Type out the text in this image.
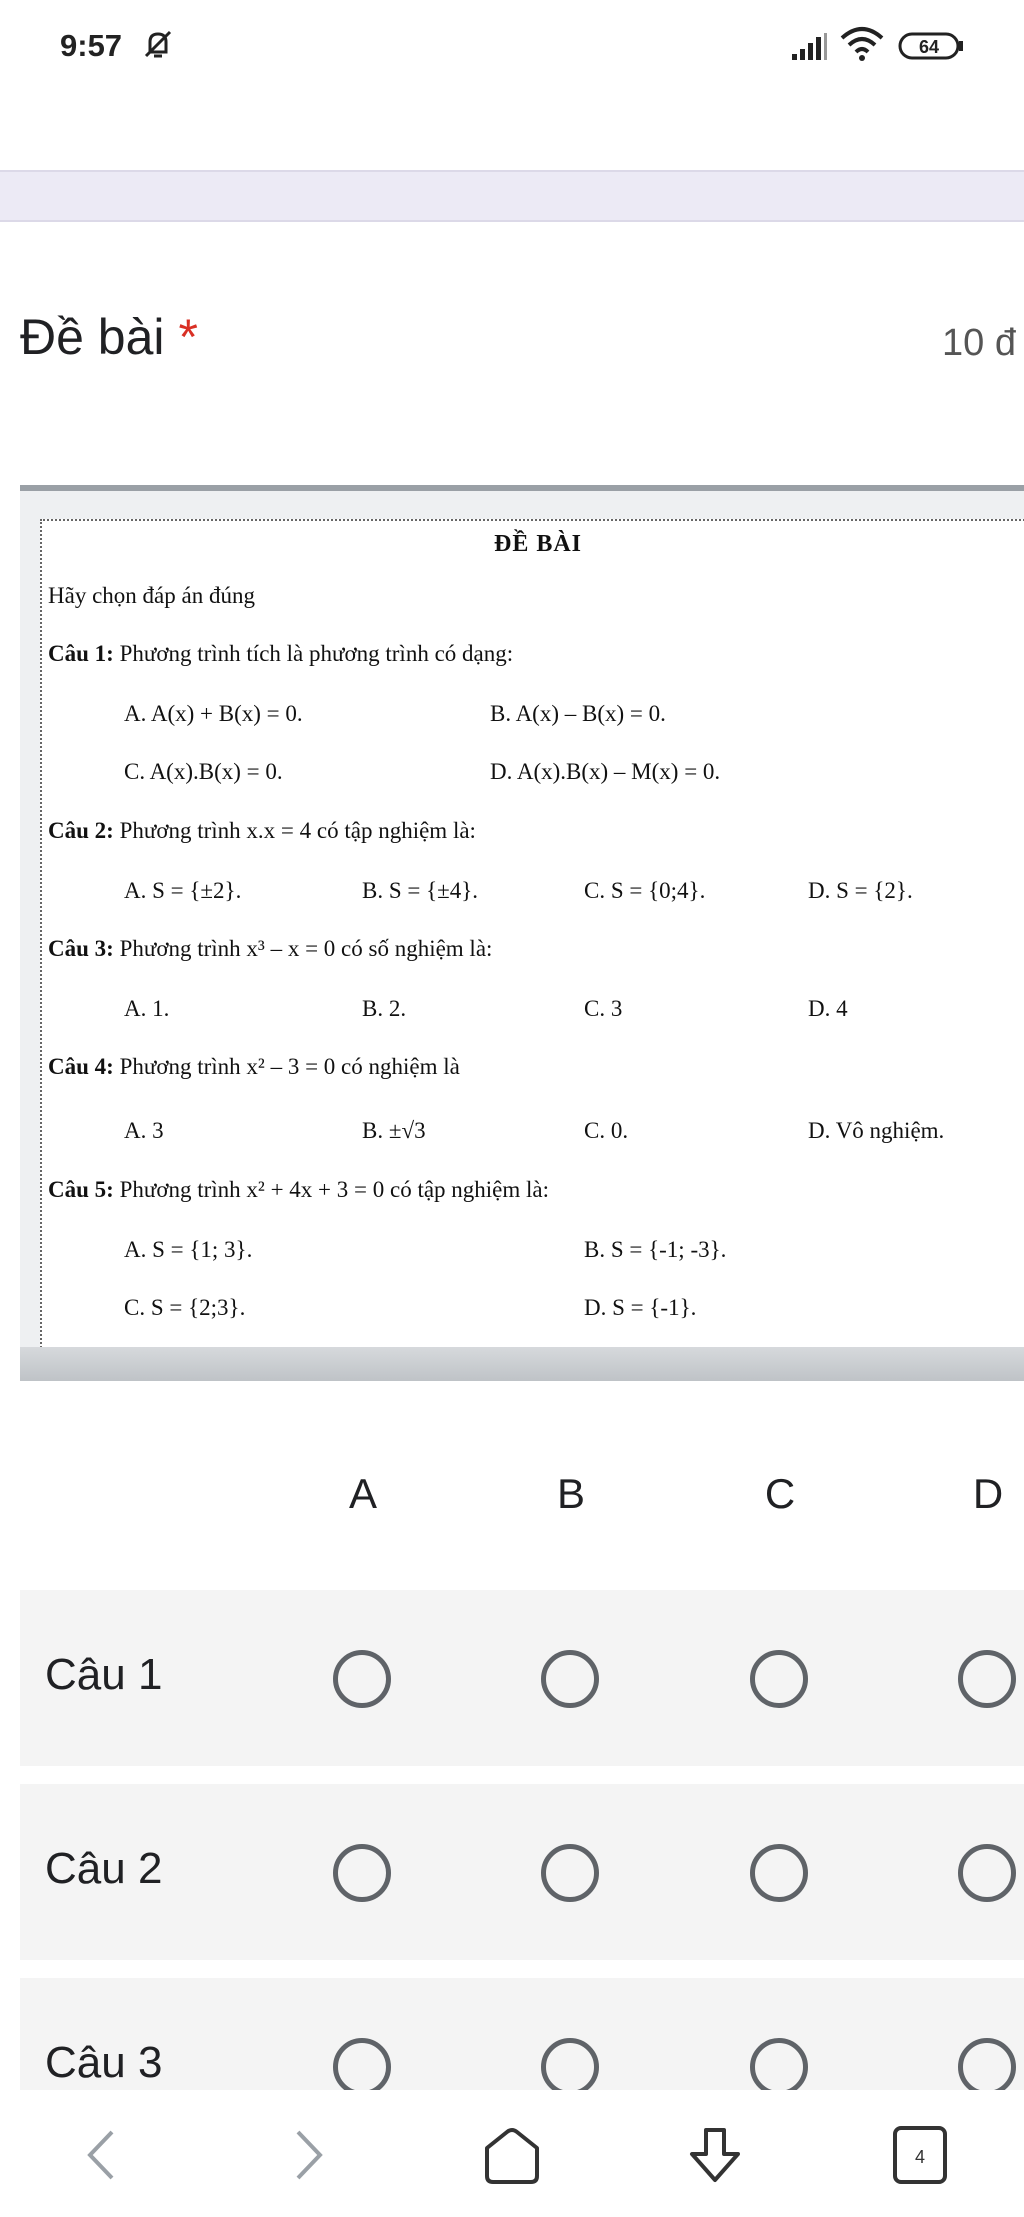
9:57	64
Đề bài *	10 đ
ĐỀ BÀI
Hãy chọn đáp án đúng
Câu 1: Phương trình tích là phương trình có dạng:
A. A(x) + B(x) = 0.	B. A(x) – B(x) = 0.
C. A(x).B(x) = 0.	D. A(x).B(x) – M(x) = 0.
Câu 2: Phương trình x.x = 4 có tập nghiệm là:
A. S = {±2}.	B. S = {±4}.	C. S = {0;4}.	D. S = {2}.
Câu 3: Phương trình x³ – x = 0 có số nghiệm là:
A. 1.	B. 2.	C. 3	D. 4
Câu 4: Phương trình x² – 3 = 0 có nghiệm là
A. 3	B. ±√3	C. 0.	D. Vô nghiệm.
Câu 5: Phương trình x² + 4x + 3 = 0 có tập nghiệm là:
A. S = {1; 3}.	B. S = {-1; -3}.
C. S = {2;3}.	D. S = {-1}.
A	B	C	D
Câu 1
Câu 2
Câu 3
4
